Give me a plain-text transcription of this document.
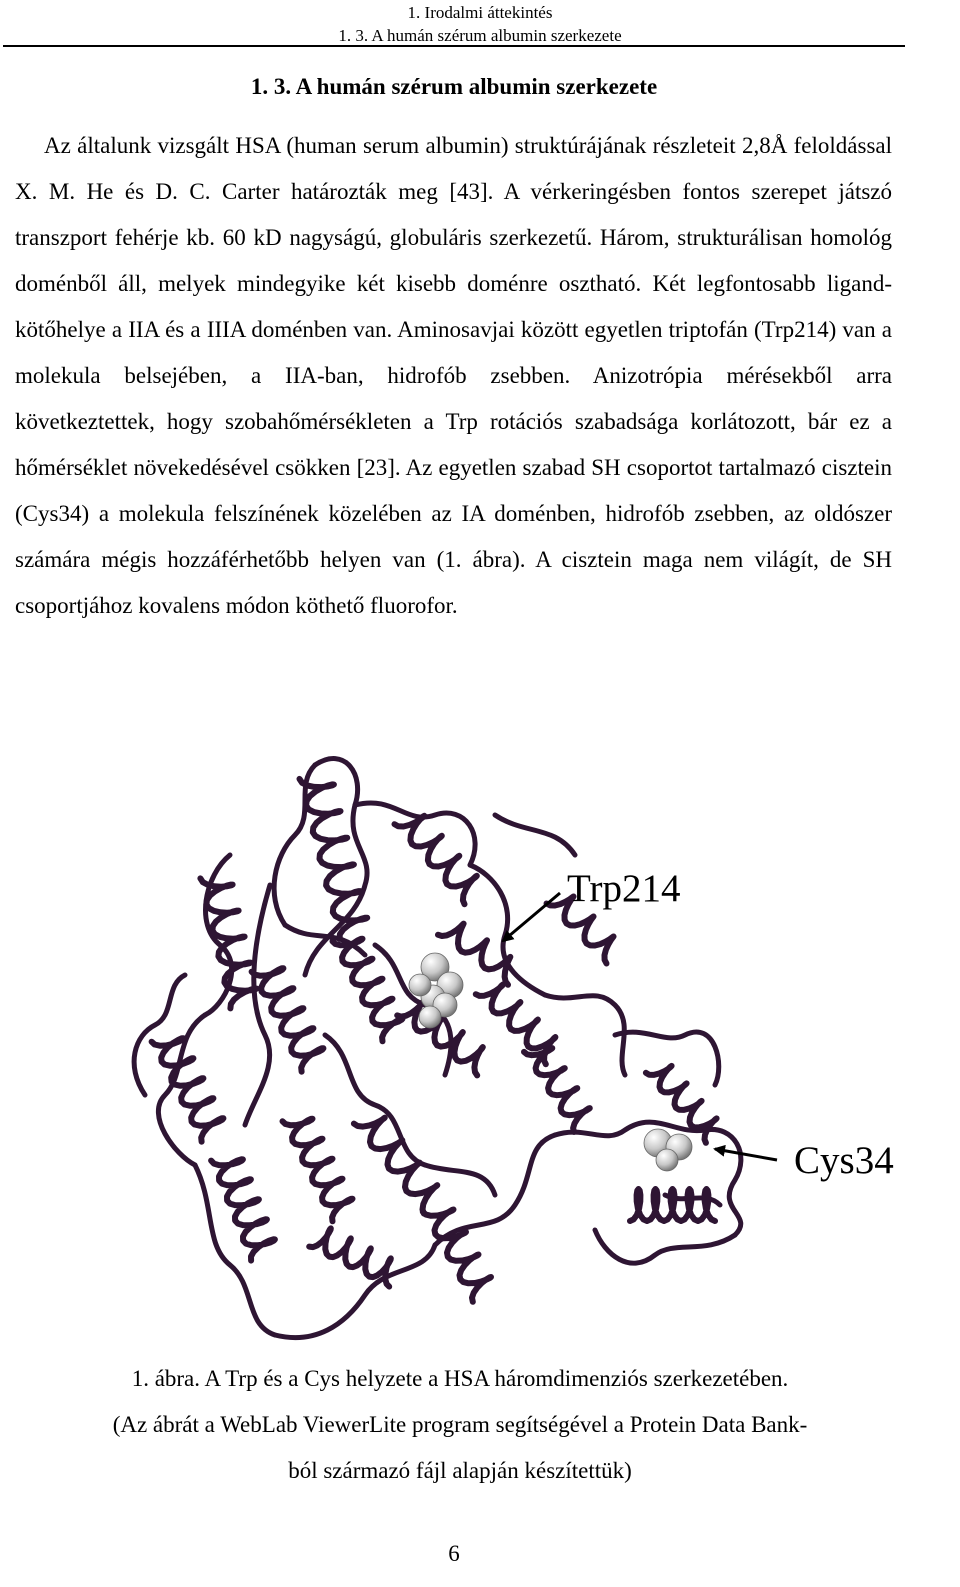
1. Irodalmi áttekintés
1. 3. A humán szérum albumin szerkezete
1. 3. A humán szérum albumin szerkezete

Az általunk vizsgált HSA (human serum albumin) struktúrájának részleteit 2,8Å feloldással X. M. He és D. C. Carter határozták meg [43]. A vérkeringésben fontos szerepet játszó transzport fehérje kb. 60 kD nagyságú, globuláris szerkezetű. Három, strukturálisan homológ doménből áll, melyek mindegyike két kisebb doménre osztható. Két legfontosabb ligand-kötőhelye a IIA és a IIIA doménben van. Aminosavjai között egyetlen triptofán (Trp214) van a molekula belsejében, a IIA-ban, hidrofób zsebben. Anizotrópia mérésekből arra következtettek, hogy szobahőmérsékleten a Trp rotációs szabadsága korlátozott, bár ez a hőmérséklet növekedésével csökken [23]. Az egyetlen szabad SH csoportot tartalmazó cisztein (Cys34) a molekula felszínének közelében az IA doménben, hidrofób zsebben, az oldószer számára mégis hozzáférhetőbb helyen van (1. ábra). A cisztein maga nem világít, de SH csoportjához kovalens módon köthető fluorofor.

Trp214
Cys34
1. ábra. A Trp és a Cys helyzete a HSA háromdimenziós szerkezetében.
(Az ábrát a WebLab ViewerLite program segítségével a Protein Data Bank-
ból származó fájl alapján készítettük)
6
